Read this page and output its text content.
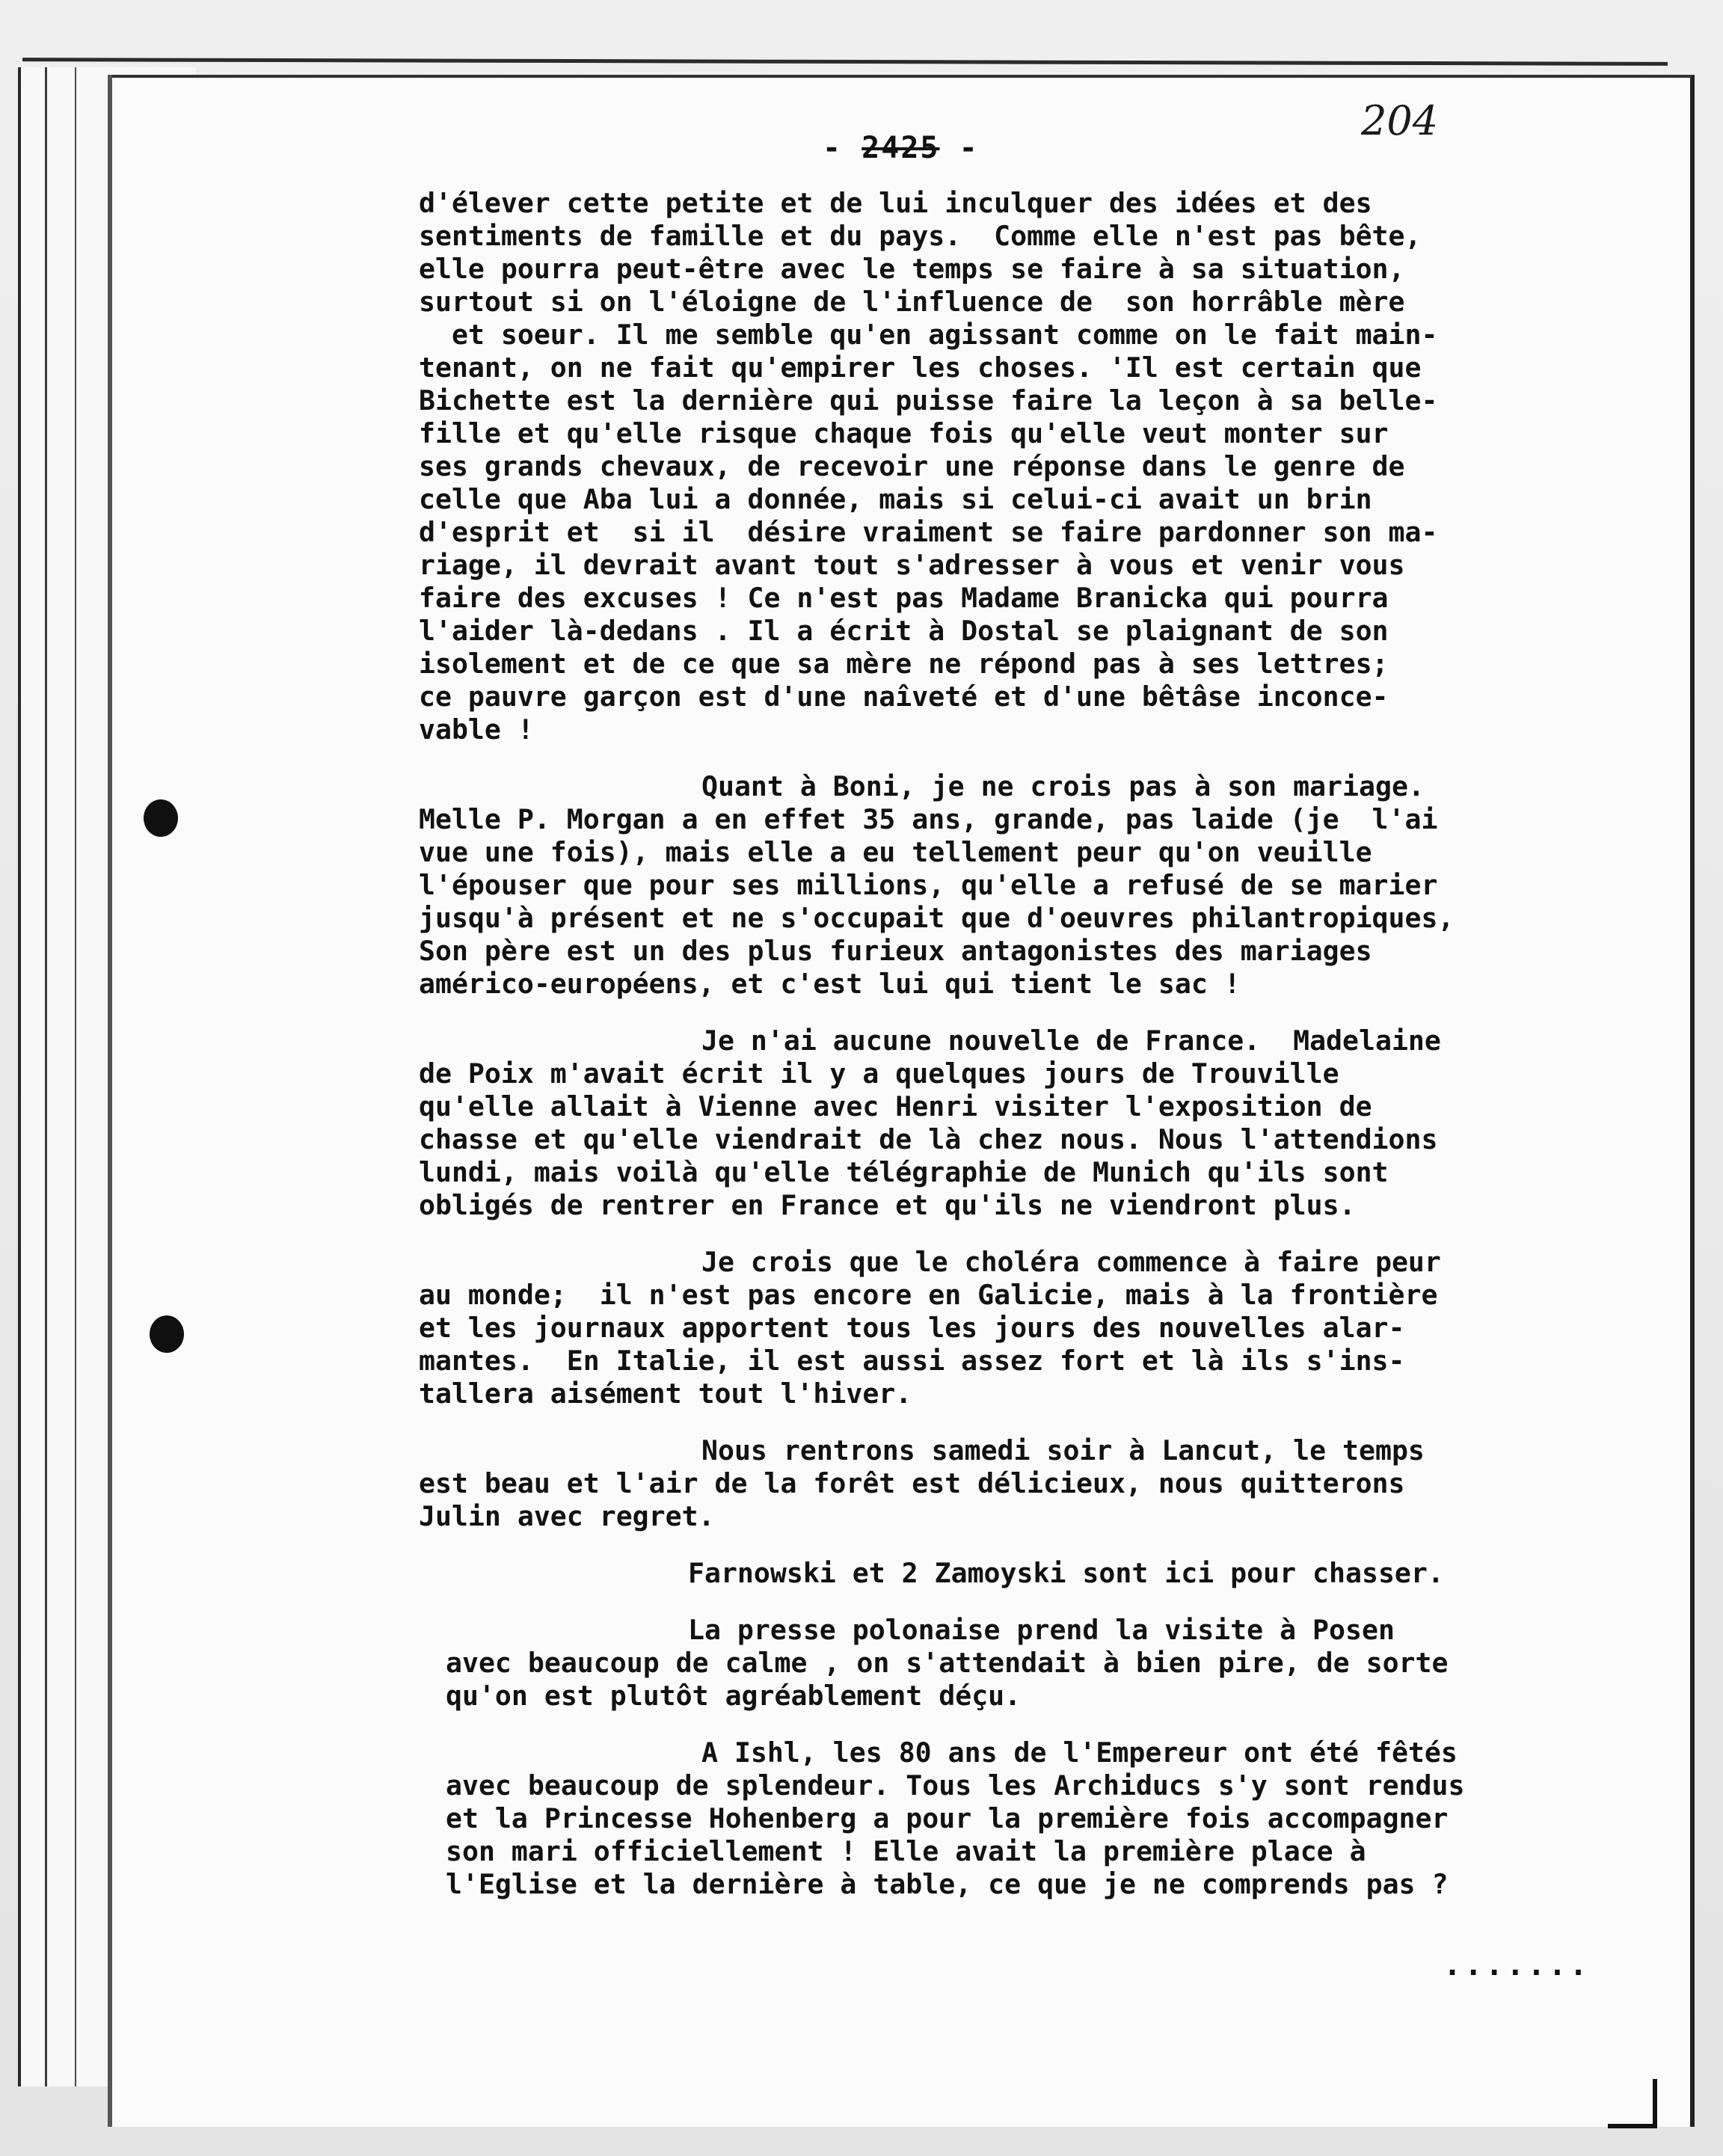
- 2425 -
204
d'élever cette petite et de lui inculquer des idées et des
sentiments de famille et du pays.  Comme elle n'est pas bête,
elle pourra peut-être avec le temps se faire à sa situation,
surtout si on l'éloigne de l'influence de  son horrâble mère
et soeur. Il me semble qu'en agissant comme on le fait main-
tenant, on ne fait qu'empirer les choses. 'Il est certain que
Bichette est la dernière qui puisse faire la leçon à sa belle-
fille et qu'elle risque chaque fois qu'elle veut monter sur
ses grands chevaux, de recevoir une réponse dans le genre de
celle que Aba lui a donnée, mais si celui-ci avait un brin
d'esprit et  si il  désire vraiment se faire pardonner son ma-
riage, il devrait avant tout s'adresser à vous et venir vous
faire des excuses ! Ce n'est pas Madame Branicka qui pourra
l'aider là-dedans . Il a écrit à Dostal se plaignant de son
isolement et de ce que sa mère ne répond pas à ses lettres;
ce pauvre garçon est d'une naîveté et d'une bêtâse inconce-
vable !
Quant à Boni, je ne crois pas à son mariage.
Melle P. Morgan a en effet 35 ans, grande, pas laide (je  l'ai
vue une fois), mais elle a eu tellement peur qu'on veuille
l'épouser que pour ses millions, qu'elle a refusé de se marier
jusqu'à présent et ne s'occupait que d'oeuvres philantropiques,
Son père est un des plus furieux antagonistes des mariages
américo-européens, et c'est lui qui tient le sac !
Je n'ai aucune nouvelle de France.  Madelaine
de Poix m'avait écrit il y a quelques jours de Trouville
qu'elle allait à Vienne avec Henri visiter l'exposition de
chasse et qu'elle viendrait de là chez nous. Nous l'attendions
lundi, mais voilà qu'elle télégraphie de Munich qu'ils sont
obligés de rentrer en France et qu'ils ne viendront plus.
Je crois que le choléra commence à faire peur
au monde;  il n'est pas encore en Galicie, mais à la frontière
et les journaux apportent tous les jours des nouvelles alar-
mantes.  En Italie, il est aussi assez fort et là ils s'ins-
tallera aisément tout l'hiver.
Nous rentrons samedi soir à Lancut, le temps
est beau et l'air de la forêt est délicieux, nous quitterons
Julin avec regret.
Farnowski et 2 Zamoyski sont ici pour chasser.
La presse polonaise prend la visite à Posen
avec beaucoup de calme , on s'attendait à bien pire, de sorte
qu'on est plutôt agréablement déçu.
A Ishl, les 80 ans de l'Empereur ont été fêtés
avec beaucoup de splendeur. Tous les Archiducs s'y sont rendus
et la Princesse Hohenberg a pour la première fois accompagner
son mari officiellement ! Elle avait la première place à
l'Eglise et la dernière à table, ce que je ne comprends pas ?
.......
